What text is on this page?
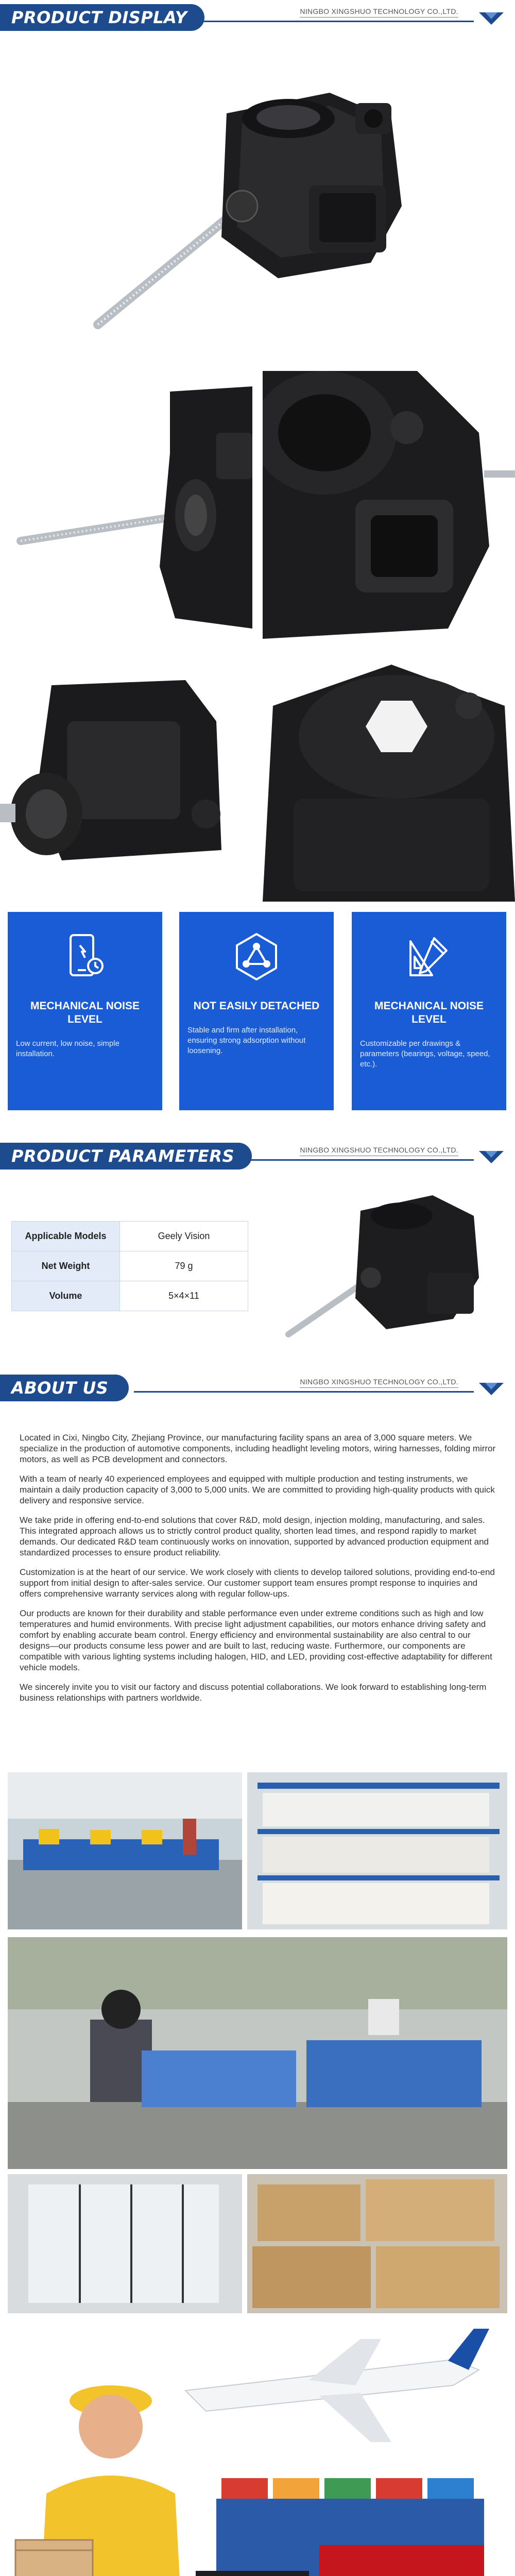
PRODUCT DISPLAY	NINGBO XINGSHUO TECHNOLOGY CO.,LTD.
MECHANICAL NOISE LEVEL
Low current, low noise, simple installation.
NOT EASILY DETACHED
Stable and firm after installation, ensuring strong adsorption without loosening.
MECHANICAL NOISE LEVEL
Customizable per drawings & parameters (bearings, voltage, speed, etc.).
PRODUCT PARAMETERS	NINGBO XINGSHUO TECHNOLOGY CO.,LTD.
Applicable Models	Geely Vision
Net Weight	79 g
Volume	5×4×11
ABOUT US	NINGBO XINGSHUO TECHNOLOGY CO.,LTD.

Located in Cixi, Ningbo City, Zhejiang Province, our manufacturing facility spans an area of 3,000 square meters. We specialize in the production of automotive components, including headlight leveling motors, wiring harnesses, folding mirror motors, as well as PCB development and connectors.

With a team of nearly 40 experienced employees and equipped with multiple production and testing instruments, we maintain a daily production capacity of 3,000 to 5,000 units. We are committed to providing high-quality products with quick delivery and responsive service.

We take pride in offering end-to-end solutions that cover R&D, mold design, injection molding, manufacturing, and sales. This integrated approach allows us to strictly control product quality, shorten lead times, and respond rapidly to market demands. Our dedicated R&D team continuously works on innovation, supported by advanced production equipment and standardized processes to ensure product reliability.

Customization is at the heart of our service. We work closely with clients to develop tailored solutions, providing end-to-end support from initial design to after-sales service. Our customer support team ensures prompt response to inquiries and offers comprehensive warranty services along with regular follow-ups.

Our products are known for their durability and stable performance even under extreme conditions such as high and low temperatures and humid environments. With precise light adjustment capabilities, our motors enhance driving safety and comfort by enabling accurate beam control. Energy efficiency and environmental sustainability are also central to our designs—our products consume less power and are built to last, reducing waste. Furthermore, our components are compatible with various lighting systems including halogen, HID, and LED, providing cost-effective adaptability for different vehicle models.

We sincerely invite you to visit our factory and discuss potential collaborations. We look forward to establishing long-term business relationships with partners worldwide.
